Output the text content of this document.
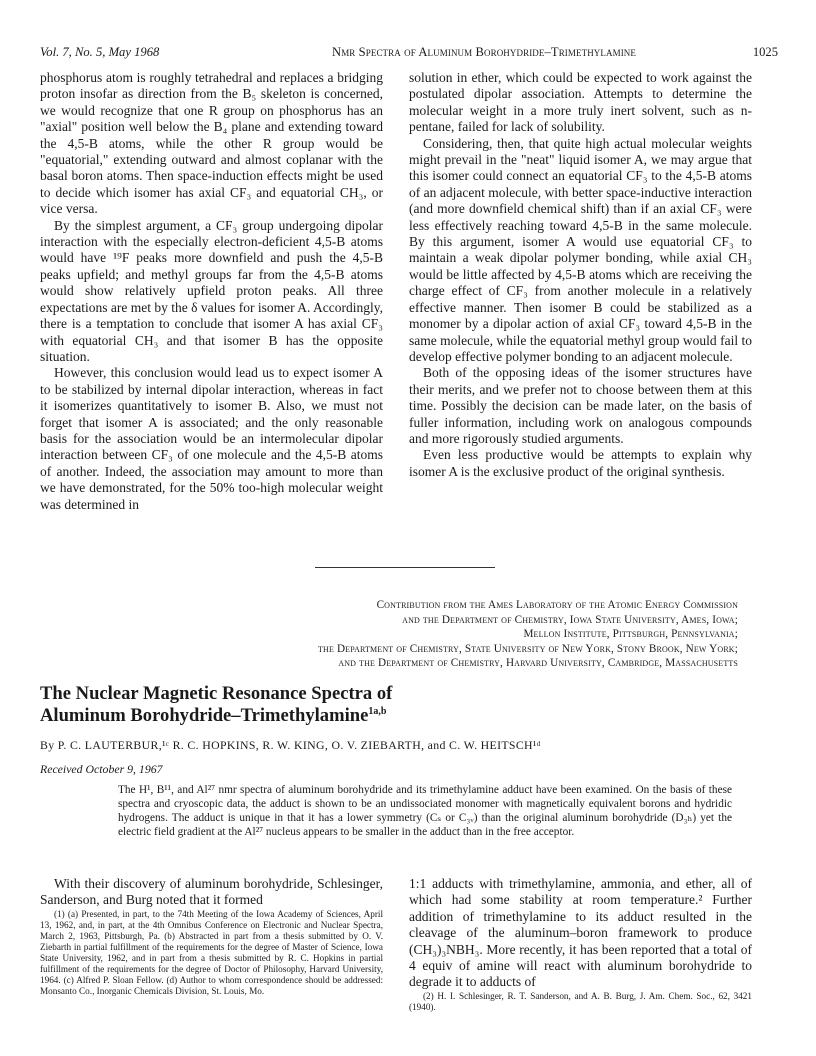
Vol. 7, No. 5, May 1968	Nmr Spectra of Aluminum Borohydride–Trimethylamine	1025

phosphorus atom is roughly tetrahedral and replaces a bridging proton insofar as direction from the B₅ skeleton is concerned, we would recognize that one R group on phosphorus has an "axial" position well below the B₄ plane and extending toward the 4,5-B atoms, while the other R group would be "equatorial," extending outward and almost coplanar with the basal boron atoms. Then space-induction effects might be used to decide which isomer has axial CF₃ and equatorial CH₃, or vice versa.

By the simplest argument, a CF₃ group undergoing dipolar interaction with the especially electron-deficient 4,5-B atoms would have ¹⁹F peaks more downfield and push the 4,5-B peaks upfield; and methyl groups far from the 4,5-B atoms would show relatively upfield proton peaks. All three expectations are met by the δ values for isomer A. Accordingly, there is a temptation to conclude that isomer A has axial CF₃ with equatorial CH₃ and that isomer B has the opposite situation.

However, this conclusion would lead us to expect isomer A to be stabilized by internal dipolar interaction, whereas in fact it isomerizes quantitatively to isomer B. Also, we must not forget that isomer A is associated; and the only reasonable basis for the association would be an intermolecular dipolar interaction between CF₃ of one molecule and the 4,5-B atoms of another. Indeed, the association may amount to more than we have demonstrated, for the 50% too-high molecular weight was determined in

solution in ether, which could be expected to work against the postulated dipolar association. Attempts to determine the molecular weight in a more truly inert solvent, such as n-pentane, failed for lack of solubility.

Considering, then, that quite high actual molecular weights might prevail in the "neat" liquid isomer A, we may argue that this isomer could connect an equatorial CF₃ to the 4,5-B atoms of an adjacent molecule, with better space-inductive interaction (and more downfield chemical shift) than if an axial CF₃ were less effectively reaching toward 4,5-B in the same molecule. By this argument, isomer A would use equatorial CF₃ to maintain a weak dipolar polymer bonding, while axial CH₃ would be little affected by 4,5-B atoms which are receiving the charge effect of CF₃ from another molecule in a relatively effective manner. Then isomer B could be stabilized as a monomer by a dipolar action of axial CF₃ toward 4,5-B in the same molecule, while the equatorial methyl group would fail to develop effective polymer bonding to an adjacent molecule.

Both of the opposing ideas of the isomer structures have their merits, and we prefer not to choose between them at this time. Possibly the decision can be made later, on the basis of fuller information, including work on analogous compounds and more rigorously studied arguments.

Even less productive would be attempts to explain why isomer A is the exclusive product of the original synthesis.

Contribution from the Ames Laboratory of the Atomic Energy Commission
and the Department of Chemistry, Iowa State University, Ames, Iowa;
Mellon Institute, Pittsburgh, Pennsylvania;
the Department of Chemistry, State University of New York, Stony Brook, New York;
and the Department of Chemistry, Harvard University, Cambridge, Massachusetts
The Nuclear Magnetic Resonance Spectra of
Aluminum Borohydride–Trimethylamine$^{1a,b}$
By P. C. LAUTERBUR,¹ᶜ R. C. HOPKINS, R. W. KING, O. V. ZIEBARTH, and C. W. HEITSCH¹ᵈ
Received October 9, 1967

The H¹, B¹¹, and Al²⁷ nmr spectra of aluminum borohydride and its trimethylamine adduct have been examined. On the basis of these spectra and cryoscopic data, the adduct is shown to be an undissociated monomer with magnetically equivalent borons and hydridic hydrogens. The adduct is unique in that it has a lower symmetry (Cₛ or C₃ᵥ) than the original aluminum borohydride (D₃ₕ) yet the electric field gradient at the Al²⁷ nucleus appears to be smaller in the adduct than in the free acceptor.

With their discovery of aluminum borohydride, Schlesinger, Sanderson, and Burg noted that it formed

(1) (a) Presented, in part, to the 74th Meeting of the Iowa Academy of Sciences, April 13, 1962, and, in part, at the 4th Omnibus Conference on Electronic and Nuclear Spectra, March 2, 1963, Pittsburgh, Pa. (b) Abstracted in part from a thesis submitted by O. V. Ziebarth in partial fulfillment of the requirements for the degree of Master of Science, Iowa State University, 1962, and in part from a thesis submitted by R. C. Hopkins in partial fulfillment of the requirements for the degree of Doctor of Philosophy, Harvard University, 1964. (c) Alfred P. Sloan Fellow. (d) Author to whom correspondence should be addressed: Monsanto Co., Inorganic Chemicals Division, St. Louis, Mo.

1:1 adducts with trimethylamine, ammonia, and ether, all of which had some stability at room temperature.² Further addition of trimethylamine to its adduct resulted in the cleavage of the aluminum–boron framework to produce (CH₃)₃NBH₃. More recently, it has been reported that a total of 4 equiv of amine will react with aluminum borohydride to degrade it to adducts of

(2) H. I. Schlesinger, R. T. Sanderson, and A. B. Burg, J. Am. Chem. Soc., 62, 3421 (1940).
